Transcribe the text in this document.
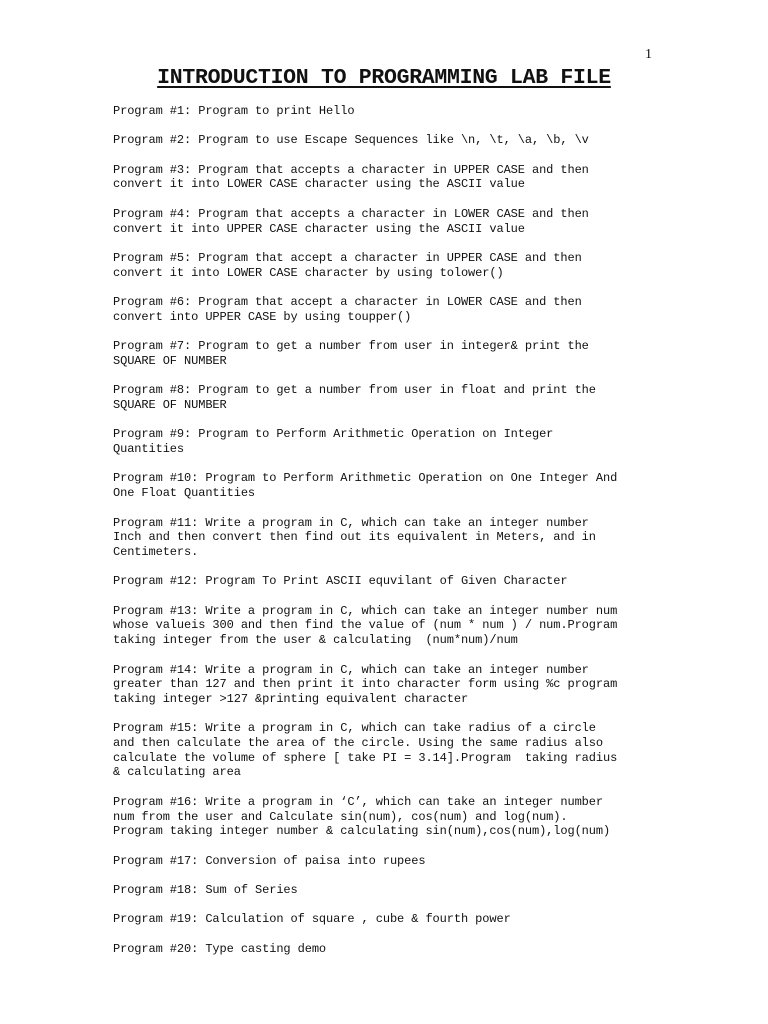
1
INTRODUCTION TO PROGRAMMING LAB FILE
Program #1: Program to print Hello
Program #2: Program to use Escape Sequences like \n, \t, \a, \b, \v
Program #3: Program that accepts a character in UPPER CASE and then
convert it into LOWER CASE character using the ASCII value
Program #4: Program that accepts a character in LOWER CASE and then
convert it into UPPER CASE character using the ASCII value
Program #5: Program that accept a character in UPPER CASE and then
convert it into LOWER CASE character by using tolower()
Program #6: Program that accept a character in LOWER CASE and then
convert into UPPER CASE by using toupper()
Program #7: Program to get a number from user in integer& print the
SQUARE OF NUMBER
Program #8: Program to get a number from user in float and print the
SQUARE OF NUMBER
Program #9: Program to Perform Arithmetic Operation on Integer
Quantities
Program #10: Program to Perform Arithmetic Operation on One Integer And
One Float Quantities
Program #11: Write a program in C, which can take an integer number
Inch and then convert then find out its equivalent in Meters, and in
Centimeters.
Program #12: Program To Print ASCII equvilant of Given Character
Program #13: Write a program in C, which can take an integer number num
whose valueis 300 and then find the value of (num * num ) / num.Program
taking integer from the user & calculating  (num*num)/num
Program #14: Write a program in C, which can take an integer number
greater than 127 and then print it into character form using %c program
taking integer >127 &printing equivalent character
Program #15: Write a program in C, which can take radius of a circle
and then calculate the area of the circle. Using the same radius also
calculate the volume of sphere [ take PI = 3.14].Program  taking radius
& calculating area
Program #16: Write a program in ‘C’, which can take an integer number
num from the user and Calculate sin(num), cos(num) and log(num).
Program taking integer number & calculating sin(num),cos(num),log(num)
Program #17: Conversion of paisa into rupees
Program #18: Sum of Series
Program #19: Calculation of square , cube & fourth power
Program #20: Type casting demo
